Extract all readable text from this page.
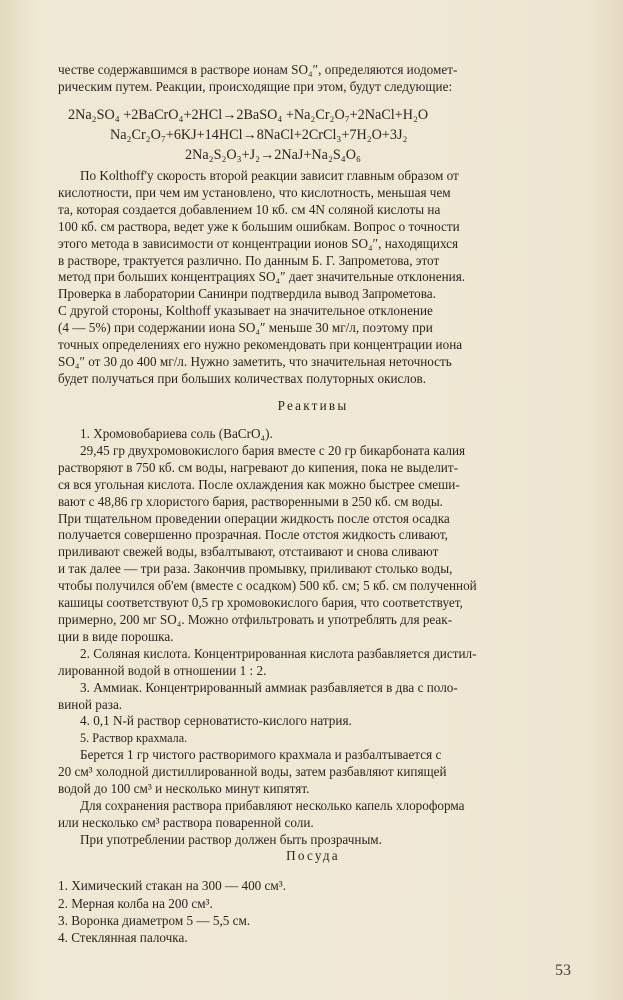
честве содержавшимся в растворе ионам SO₄″, определяются иодомет-

рическим путем. Реакции, происходящие при этом, будут следующие:

2Na₂SO₄ +2BaCrO₄+2HCl→2BaSO₄ +Na₂Cr₂O₇+2NaCl+H₂O
Na₂Cr₂O₇+6KJ+14HCl→8NaCl+2CrCl₃+7H₂O+3J₂
2Na₂S₂O₃+J₂→2NaJ+Na₂S₄O₆

По Kolthoff'y скорость второй реакции зависит главным образом от

кислотности, при чем им установлено, что кислотность, меньшая чем

та, которая создается добавлением 10 кб. см 4N соляной кислоты на

100 кб. см раствора, ведет уже к большим ошибкам. Вопрос о точности

этого метода в зависимости от концентрации ионов SO₄″, находящихся

в растворе, трактуется различно. По данным Б. Г. Запрометова, этот

метод при больших концентрациях SO₄″ дает значительные отклонения.

Проверка в лаборатории Санинри подтвердила вывод Запрометова.

С другой стороны, Kolthoff указывает на значительное отклонение

(4 — 5%) при содержании иона SO₄″ меньше 30 мг/л, поэтому при

точных определениях его нужно рекомендовать при концентрации иона

SO₄″ от 30 до 400 мг/л. Нужно заметить, что значительная неточность

будет получаться при больших количествах полуторных окислов.

Реактивы

1. Хромовобариева соль (BaCrO₄).

29,45 гр двухромовокислого бария вместе с 20 гр бикарбоната калия

растворяют в 750 кб. см воды, нагревают до кипения, пока не выделит-

ся вся угольная кислота. После охлаждения как можно быстрее смеши-

вают с 48,86 гр хлористого бария, растворенными в 250 кб. см воды.

При тщательном проведении операции жидкость после отстоя осадка

получается совершенно прозрачная. После отстоя жидкость сливают,

приливают свежей воды, взбалтывают, отстаивают и снова сливают

и так далее — три раза. Закончив промывку, приливают столько воды,

чтобы получился об'ем (вместе с осадком) 500 кб. см; 5 кб. см полученной

кашицы соответствуют 0,5 гр хромовокислого бария, что соответствует,

примерно, 200 мг SO₄. Можно отфильтровать и употреблять для реак-

ции в виде порошка.

2. Соляная кислота. Концентрированная кислота разбавляется дистил-

лированной водой в отношении 1 : 2.

3. Аммиак. Концентрированный аммиак разбавляется в два с поло-

виной раза.

4. 0,1 N-й раствор серноватисто-кислого натрия.

5. Раствор крахмала.

Берется 1 гр чистого растворимого крахмала и разбалтывается с

20 см³ холодной дистиллированной воды, затем разбавляют кипящей

водой до 100 см³ и несколько минут кипятят.

Для сохранения раствора прибавляют несколько капель хлороформа

или несколько см³ раствора поваренной соли.

При употреблении раствор должен быть прозрачным.

Посуда
1. Химический стакан на 300 — 400 см³.
2. Мерная колба на 200 см³.
3. Воронка диаметром 5 — 5,5 см.
4. Стеклянная палочка.
53
